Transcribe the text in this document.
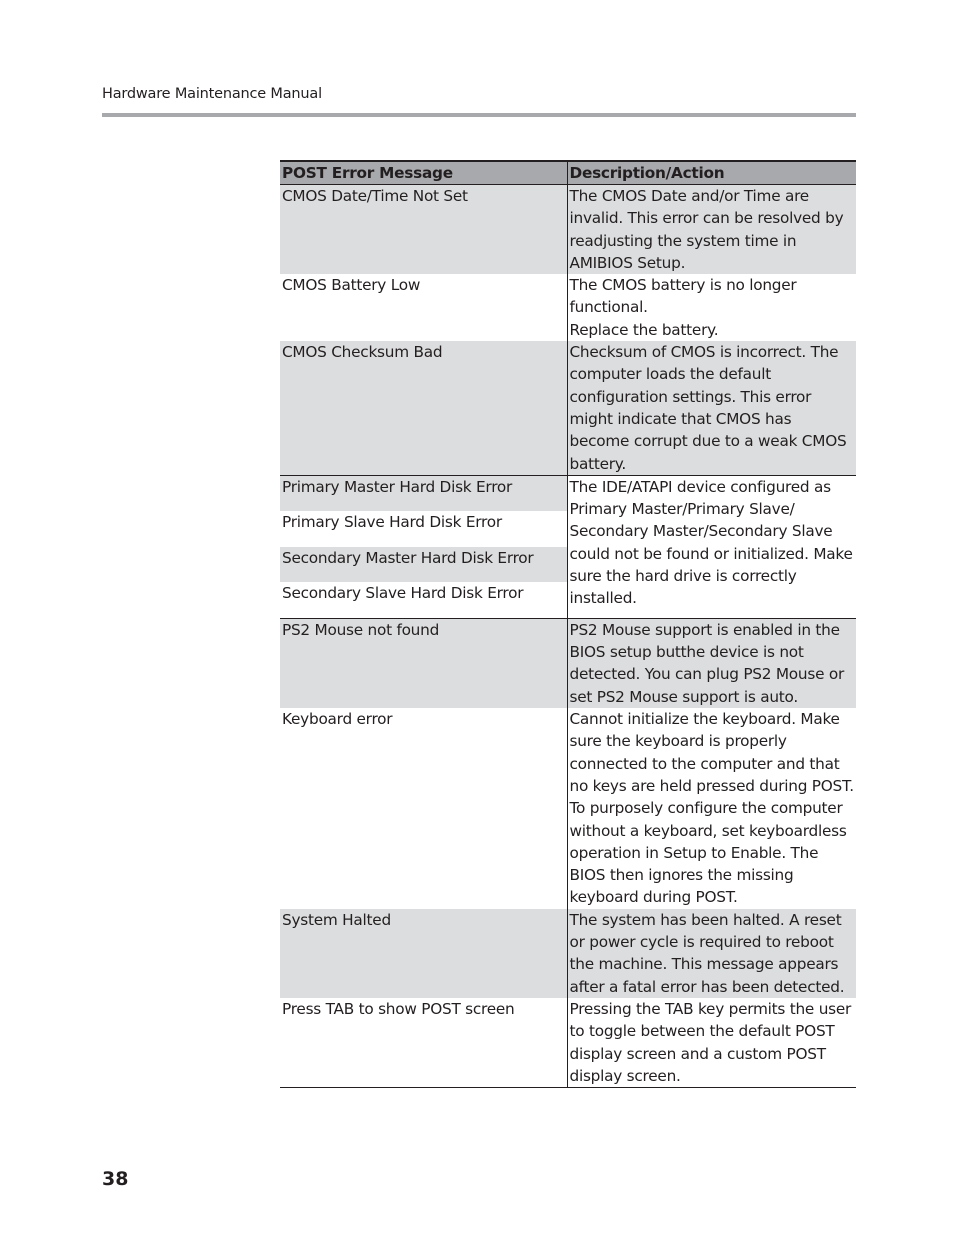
Hardware Maintenance Manual
POST Error Message	Description/Action
CMOS Date/Time Not Set	The CMOS Date and/or Time are invalid. This error can be resolved by readjusting the system time in AMIBIOS Setup.

CMOS Battery Low	The CMOS battery is no longer functional.
Replace the battery.

CMOS Checksum Bad	Checksum of CMOS is incorrect. The computer loads the default configuration settings. This error might indicate that CMOS has become corrupt due to a weak CMOS battery.

Primary Master Hard Disk Error
Primary Slave Hard Disk Error
Secondary Master Hard Disk Error
Secondary Slave Hard Disk Error	The IDE/ATAPI device configured as Primary Master/Primary Slave/ Secondary Master/Secondary Slave could not be found or initialized. Make sure the hard drive is correctly installed.

PS2 Mouse not found	PS2 Mouse support is enabled in the BIOS setup butthe device is not detected. You can plug PS2 Mouse or set PS2 Mouse support is auto.

Keyboard error	Cannot initialize the keyboard. Make sure the keyboard is properly connected to the computer and that no keys are held pressed during POST.
To purposely configure the computer without a keyboard, set keyboardless operation in Setup to Enable. The BIOS then ignores the missing keyboard during POST.

System Halted	The system has been halted. A reset or power cycle is required to reboot the machine. This message appears after a fatal error has been detected.

Press TAB to show POST screen	Pressing the TAB key permits the user to toggle between the default POST display screen and a custom POST display screen.
38
